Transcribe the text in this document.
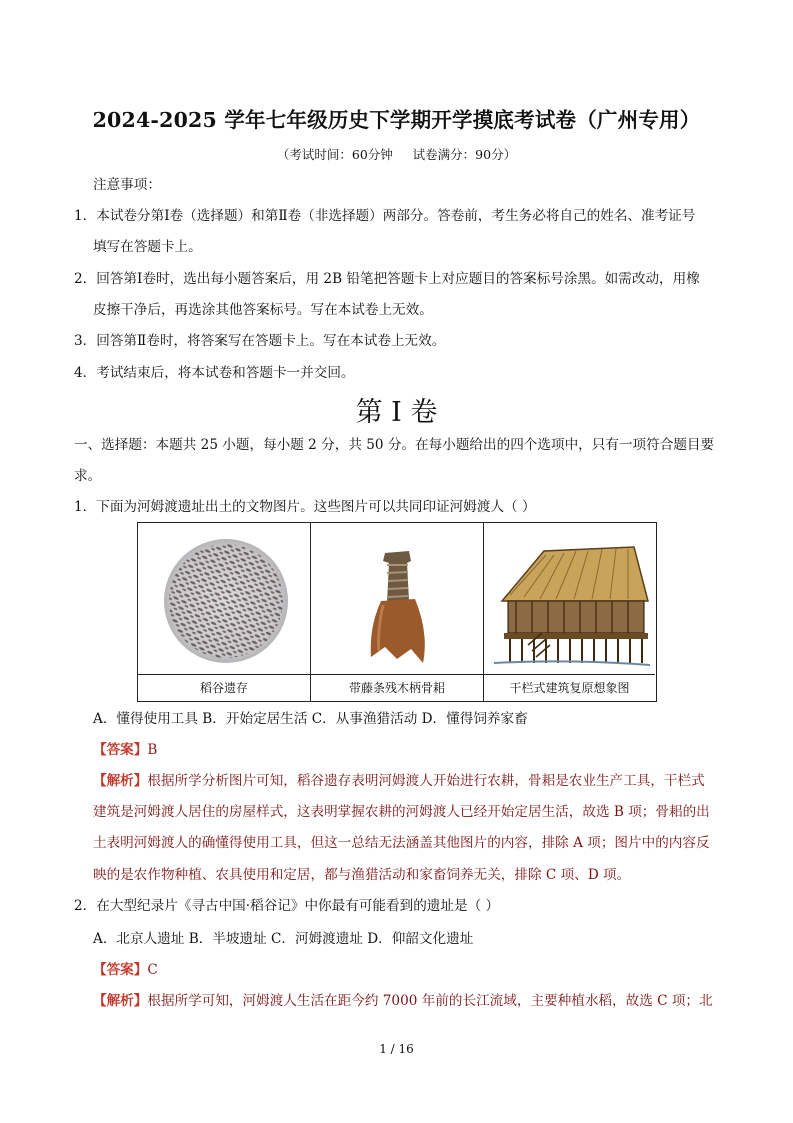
2024-2025 学年七年级历史下学期开学摸底考试卷（广州专用）
（考试时间：60分钟     试卷满分：90分）
注意事项：
1．本试卷分第Ⅰ卷（选择题）和第Ⅱ卷（非选择题）两部分。答卷前，考生务必将自己的姓名、准考证号
填写在答题卡上。
2．回答第Ⅰ卷时，选出每小题答案后，用 2B 铅笔把答题卡上对应题目的答案标号涂黑。如需改动，用橡
皮擦干净后，再选涂其他答案标号。写在本试卷上无效。
3．回答第Ⅱ卷时，将答案写在答题卡上。写在本试卷上无效。
4．考试结束后，将本试卷和答题卡一并交回。
第 I 卷
一、选择题：本题共 25 小题，每小题 2 分，共 50 分。在每小题给出的四个选项中，只有一项符合题目要
求。
1．下面为河姆渡遗址出土的文物图片。这些图片可以共同印证河姆渡人（ ）
稻谷遗存	带藤条残木柄骨耜	干栏式建筑复原想象图
A．懂得使用工具 B．开始定居生活 C．从事渔猎活动 D．懂得饲养家畜
【答案】B
【解析】根据所学分析图片可知，稻谷遗存表明河姆渡人开始进行农耕，骨耜是农业生产工具，干栏式
建筑是河姆渡人居住的房屋样式，这表明掌握农耕的河姆渡人已经开始定居生活，故选 B 项；骨耜的出
土表明河姆渡人的确懂得使用工具，但这一总结无法涵盖其他图片的内容，排除 A 项；图片中的内容反
映的是农作物种植、农具使用和定居，都与渔猎活动和家畜饲养无关，排除 C 项、D 项。
2．在大型纪录片《寻古中国·稻谷记》中你最有可能看到的遗址是（ ）
A．北京人遗址 B．半坡遗址 C．河姆渡遗址 D．仰韶文化遗址
【答案】C
【解析】根据所学可知，河姆渡人生活在距今约 7000 年前的长江流域，主要种植水稻，故选 C 项；北
1 / 16
